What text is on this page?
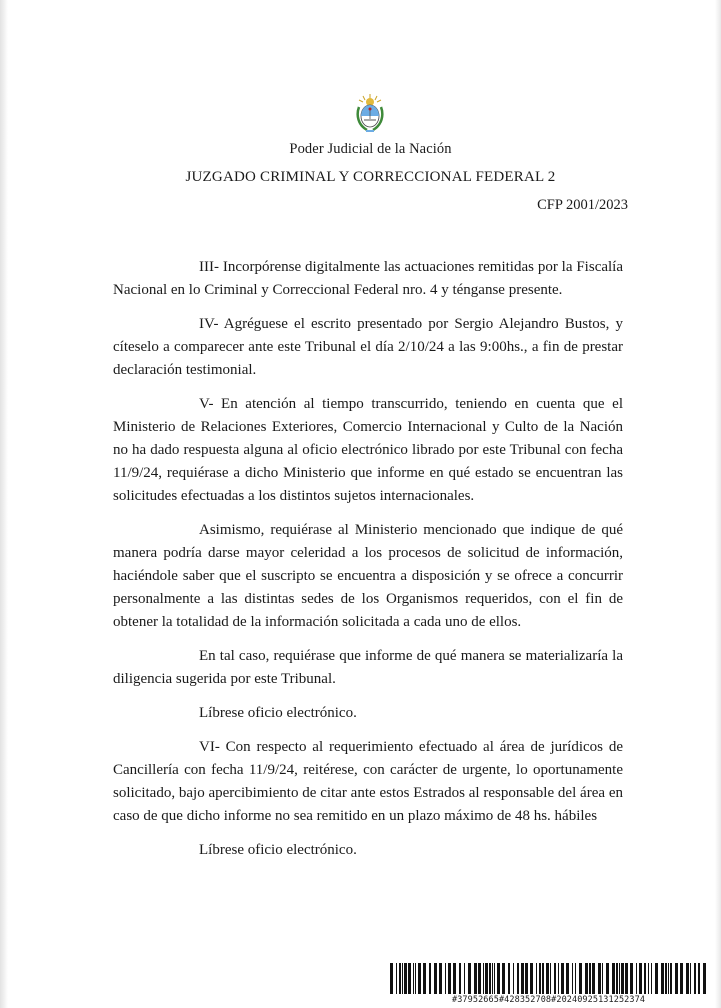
Poder Judicial de la Nación
JUZGADO CRIMINAL Y CORRECCIONAL FEDERAL 2
CFP 2001/2023

III- Incorpórense digitalmente las actuaciones remitidas por la Fiscalía Nacional en lo Criminal y Correccional Federal nro. 4 y ténganse presente.

IV- Agréguese el escrito presentado por Sergio Alejandro Bustos, y cíteselo a comparecer ante este Tribunal el día 2/10/24 a las 9:00hs., a fin de prestar declaración testimonial.

V- En atención al tiempo transcurrido, teniendo en cuenta que el Ministerio de Relaciones Exteriores, Comercio Internacional y Culto de la Nación no ha dado respuesta alguna al oficio electrónico librado por este Tribunal con fecha 11/9/24, requiérase a dicho Ministerio que informe en qué estado se encuentran las solicitudes efectuadas a los distintos sujetos internacionales.

Asimismo, requiérase al Ministerio mencionado que indique de qué manera podría darse mayor celeridad a los procesos de solicitud de información, haciéndole saber que el suscripto se encuentra a disposición y se ofrece a concurrir personalmente a las distintas sedes de los Organismos requeridos, con el fin de obtener la totalidad de la información solicitada a cada uno de ellos.

En tal caso, requiérase que informe de qué manera se materializaría la diligencia sugerida por este Tribunal.

Líbrese oficio electrónico.

VI- Con respecto al requerimiento efectuado al área de jurídicos de Cancillería con fecha 11/9/24, reitérese, con carácter de urgente, lo oportunamente solicitado, bajo apercibimiento de citar ante estos Estrados al responsable del área en caso de que dicho informe no sea remitido en un plazo máximo de 48 hs. hábiles

Líbrese oficio electrónico.

#37952665#428352708#20240925131252374
